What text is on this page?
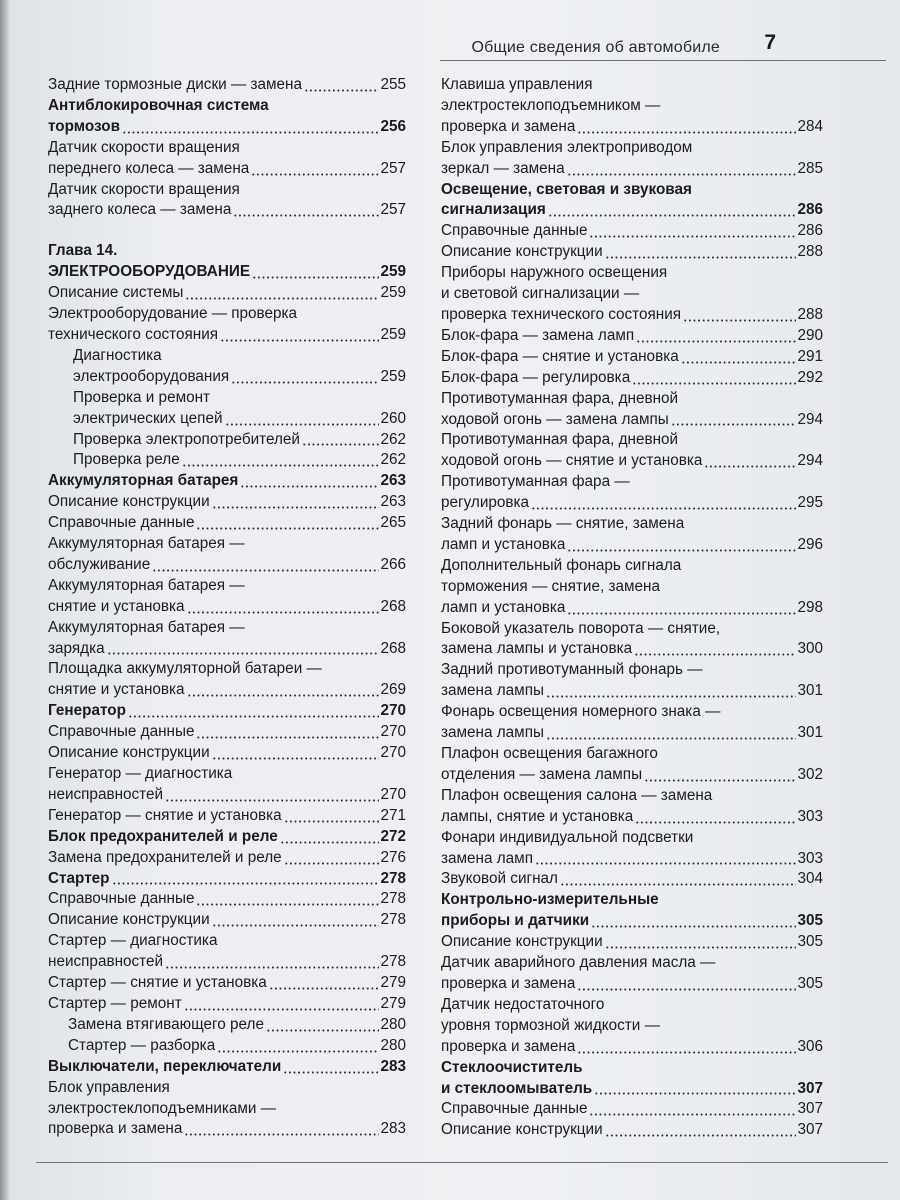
Общие сведения об автомобиле 7
Задние тормозные диски — замена	255
Антиблокировочная система
тормозов	256
Датчик скорости вращения
переднего колеса — замена	257
Датчик скорости вращения
заднего колеса — замена	257
Глава 14.
ЭЛЕКТРООБОРУДОВАНИЕ	259
Описание системы	259
Электрооборудование — проверка
технического состояния	259
Диагностика
электрооборудования	259
Проверка и ремонт
электрических цепей	260
Проверка электропотребителей	262
Проверка реле	262
Аккумуляторная батарея	263
Описание конструкции	263
Справочные данные	265
Аккумуляторная батарея —
обслуживание	266
Аккумуляторная батарея —
снятие и установка	268
Аккумуляторная батарея —
зарядка	268
Площадка аккумуляторной батареи —
снятие и установка	269
Генератор	270
Справочные данные	270
Описание конструкции	270
Генератор — диагностика
неисправностей	270
Генератор — снятие и установка	271
Блок предохранителей и реле	272
Замена предохранителей и реле	276
Стартер	278
Справочные данные	278
Описание конструкции	278
Стартер — диагностика
неисправностей	278
Стартер — снятие и установка	279
Стартер — ремонт	279
Замена втягивающего реле	280
Стартер — разборка	280
Выключатели, переключатели	283
Блок управления
электростеклоподъемниками —
проверка и замена	283
Клавиша управления
электростеклоподъемником —
проверка и замена	284
Блок управления электроприводом
зеркал — замена	285
Освещение, световая и звуковая
сигнализация	286
Справочные данные	286
Описание конструкции	288
Приборы наружного освещения
и световой сигнализации —
проверка технического состояния	288
Блок-фара — замена ламп	290
Блок-фара — снятие и установка	291
Блок-фара — регулировка	292
Противотуманная фара, дневной
ходовой огонь — замена лампы	294
Противотуманная фара, дневной
ходовой огонь — снятие и установка	294
Противотуманная фара —
регулировка	295
Задний фонарь — снятие, замена
ламп и установка	296
Дополнительный фонарь сигнала
торможения — снятие, замена
ламп и установка	298
Боковой указатель поворота — снятие,
замена лампы и установка	300
Задний противотуманный фонарь —
замена лампы	301
Фонарь освещения номерного знака —
замена лампы	301
Плафон освещения багажного
отделения — замена лампы	302
Плафон освещения салона — замена
лампы, снятие и установка	303
Фонари индивидуальной подсветки
замена ламп	303
Звуковой сигнал	304
Контрольно-измерительные
приборы и датчики	305
Описание конструкции	305
Датчик аварийного давления масла —
проверка и замена	305
Датчик недостаточного
уровня тормозной жидкости —
проверка и замена	306
Стеклоочиститель
и стеклоомыватель	307
Справочные данные	307
Описание конструкции	307
